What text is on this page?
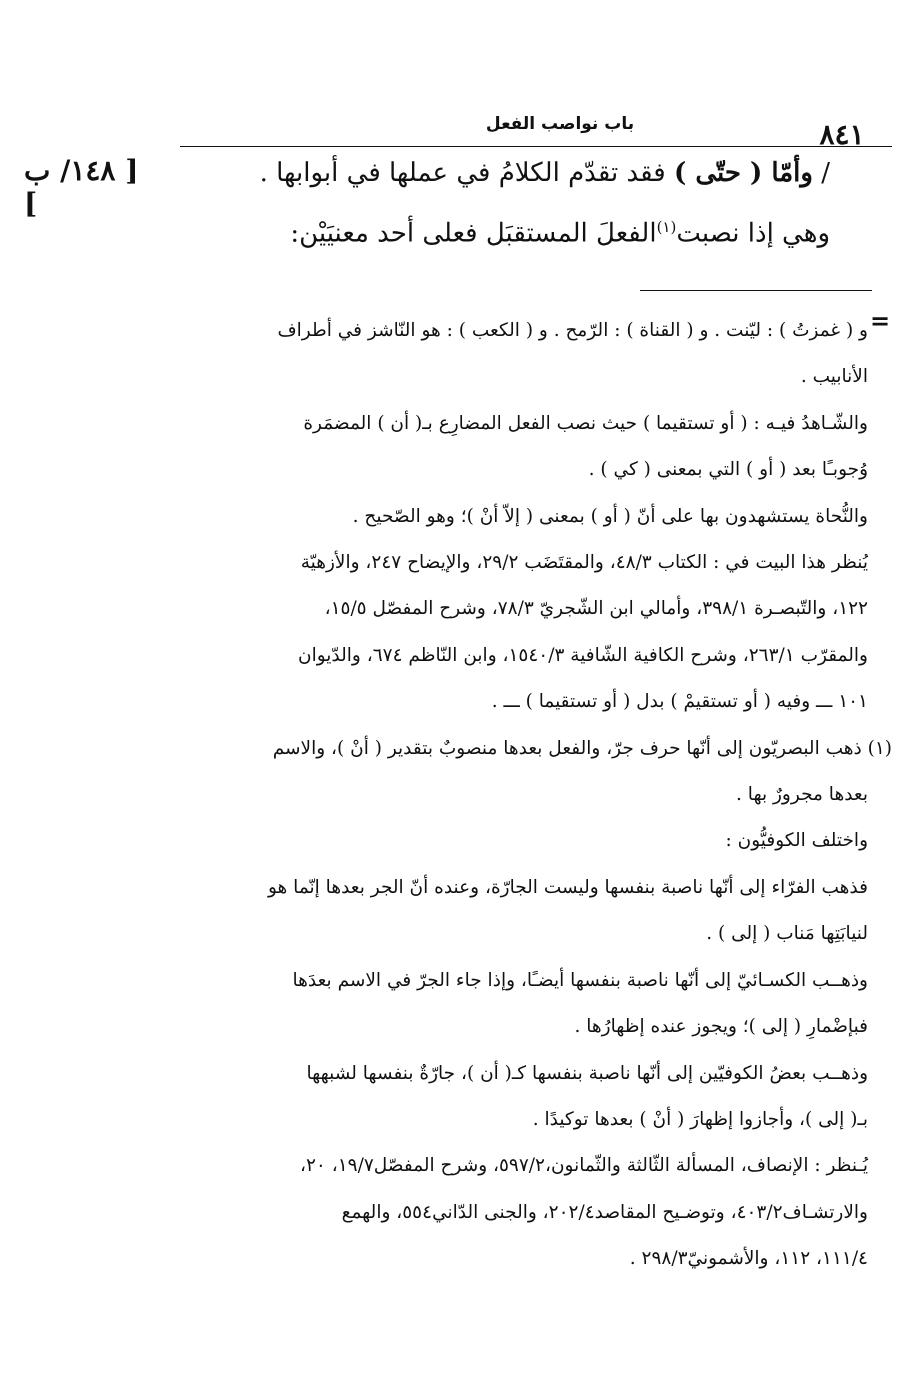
٨٤١
باب نواصب الفعل
[ ١٤٨/ ب ]
/ وأمّا ( حتّى ) فقد تقدّم الكلامُ في عملها في أبوابها .
وهي إذا نصبت$^{(١)}$الفعلَ المستقبَل فعلى أحد معنيَيْن:
=

و ( غمزتُ ) : ليّنت . و ( القناة ) : الرّمح . و ( الكعب ) : هو النّاشز في أطراف

الأنابيب .

والشّـاهدُ فيـه : ( أو تستقيما ) حيث نصب الفعل المضارِع بـ( أن ) المضمَرة

وُجوبـًا بعد ( أو ) التي بمعنى ( كي ) .

والنُّحاة يستشهدون بها على أنّ ( أو ) بمعنى ( إلاّ أنْ )؛ وهو الصّحيح .

يُنظر هذا البيت في : الكتاب ٤٨/٣، والمقتَضَب ٢٩/٢، والإيضاح ٢٤٧، والأزهيّة

١٢٢، والتّبصـرة ٣٩٨/١، وأمالي ابن الشّجريّ ٧٨/٣، وشرح المفصّل ١٥/٥،

والمقرّب ٢٦٣/١، وشرح الكافية الشّافية ١٥٤٠/٣، وابن النّاظم ٦٧٤، والدّيوان

١٠١ ـــ وفيه ( أو تستقيمْ ) بدل ( أو تستقيما ) ـــ .

(١) ذهب البصريّون إلى أنّها حرف جرّ، والفعل بعدها منصوبٌ بتقدير ( أنْ )، والاسم

بعدها مجرورٌ بها .

واختلف الكوفيُّون :

فذهب الفرّاء إلى أنّها ناصبة بنفسها وليست الجارّة، وعنده أنّ الجر بعدها إنّما هو

لنيابَتِها مَناب ( إلى ) .

وذهــب الكسـائيّ إلى أنّها ناصبة بنفسها أيضـًا، وإذا جاء الجرّ في الاسم بعدَها

فبإضْمارِ ( إلى )؛ ويجوز عنده إظهارُها .

وذهــب بعضُ الكوفيّين إلى أنّها ناصبة بنفسها كـ( أن )، جارّةٌ بنفسها لشبهها

بـ( إلى )، وأجازوا إظهارَ ( أنْ ) بعدها توكيدًا .

يُـنظر : الإنصاف، المسألة الثّالثة والثّمانون،٥٩٧/٢، وشرح المفصّل١٩/٧، ٢٠،

والارتشـاف٤٠٣/٢، وتوضـيح المقاصد٢٠٢/٤، والجنى الدّاني٥٥٤، والهمع

١١١/٤، ١١٢، والأشمونيّ٢٩٨/٣ .
